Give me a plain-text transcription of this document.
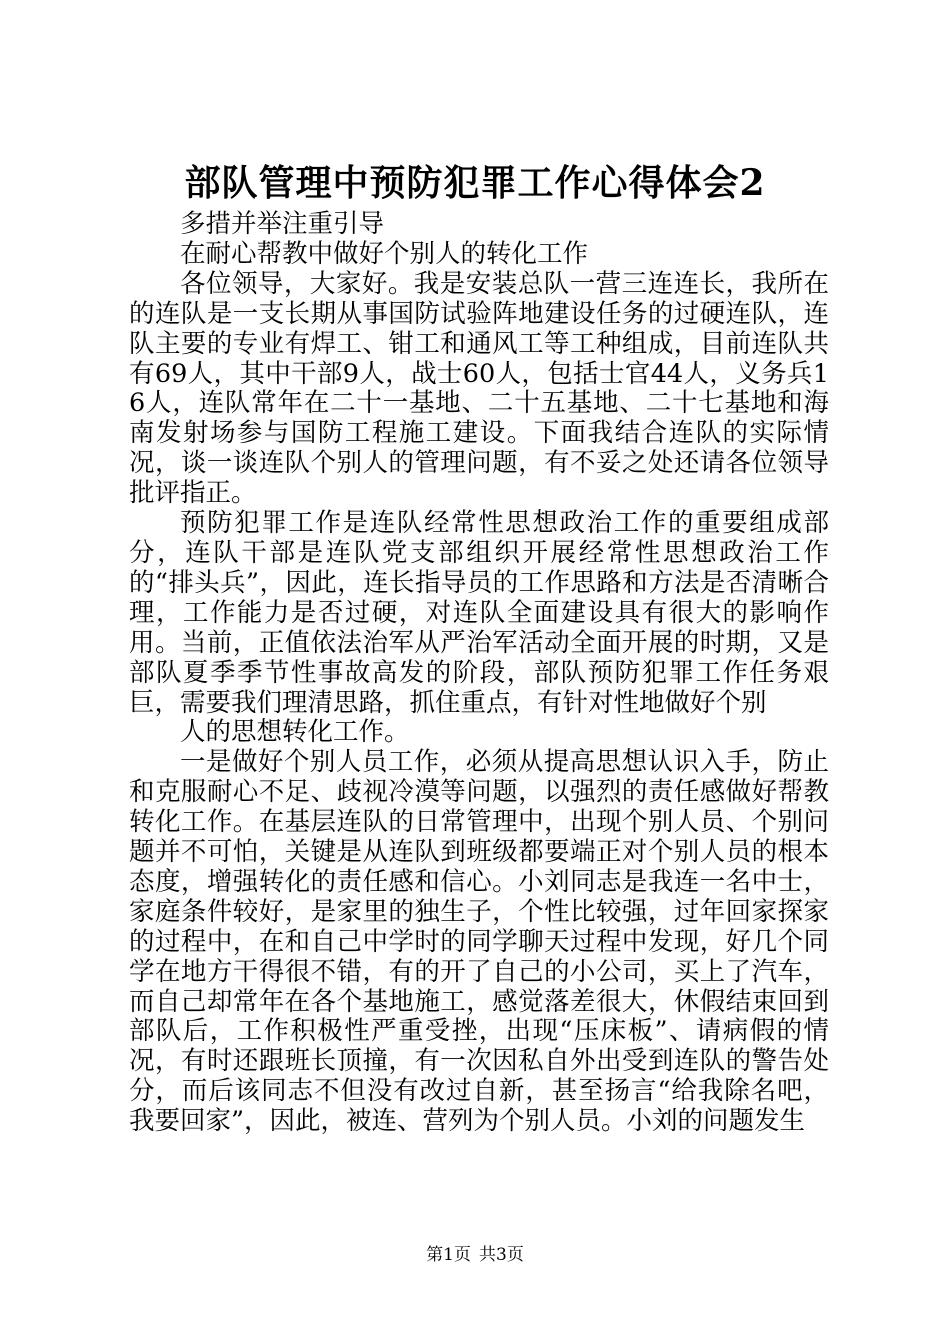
部队管理中预防犯罪工作心得体会2

多措并举注重引导

在耐心帮教中做好个别人的转化工作

各位领导，大家好。我是安装总队一营三连连长，我所在的连队是一支长期从事国防试验阵地建设任务的过硬连队，连队主要的专业有焊工、钳工和通风工等工种组成，目前连队共有69人，其中干部9人，战士60人，包括士官44人，义务兵16人，连队常年在二十一基地、二十五基地、二十七基地和海南发射场参与国防工程施工建设。下面我结合连队的实际情况，谈一谈连队个别人的管理问题，有不妥之处还请各位领导批评指正。

预防犯罪工作是连队经常性思想政治工作的重要组成部分，连队干部是连队党支部组织开展经常性思想政治工作的“排头兵”，因此，连长指导员的工作思路和方法是否清晰合理，工作能力是否过硬，对连队全面建设具有很大的影响作用。当前，正值依法治军从严治军活动全面开展的时期，又是部队夏季季节性事故高发的阶段，部队预防犯罪工作任务艰巨，需要我们理清思路，抓住重点，有针对性地做好个别

人的思想转化工作。

一是做好个别人员工作，必须从提高思想认识入手，防止和克服耐心不足、歧视冷漠等问题，以强烈的责任感做好帮教转化工作。在基层连队的日常管理中，出现个别人员、个别问题并不可怕，关键是从连队到班级都要端正对个别人员的根本态度，增强转化的责任感和信心。小刘同志是我连一名中士，家庭条件较好，是家里的独生子，个性比较强，过年回家探家的过程中，在和自己中学时的同学聊天过程中发现，好几个同学在地方干得很不错，有的开了自己的小公司，买上了汽车，而自己却常年在各个基地施工，感觉落差很大，休假结束回到部队后，工作积极性严重受挫，出现“压床板”、请病假的情况，有时还跟班长顶撞，有一次因私自外出受到连队的警告处分，而后该同志不但没有改过自新，甚至扬言“给我除名吧，我要回家”，因此，被连、营列为个别人员。小刘的问题发生

第1页 共3页
